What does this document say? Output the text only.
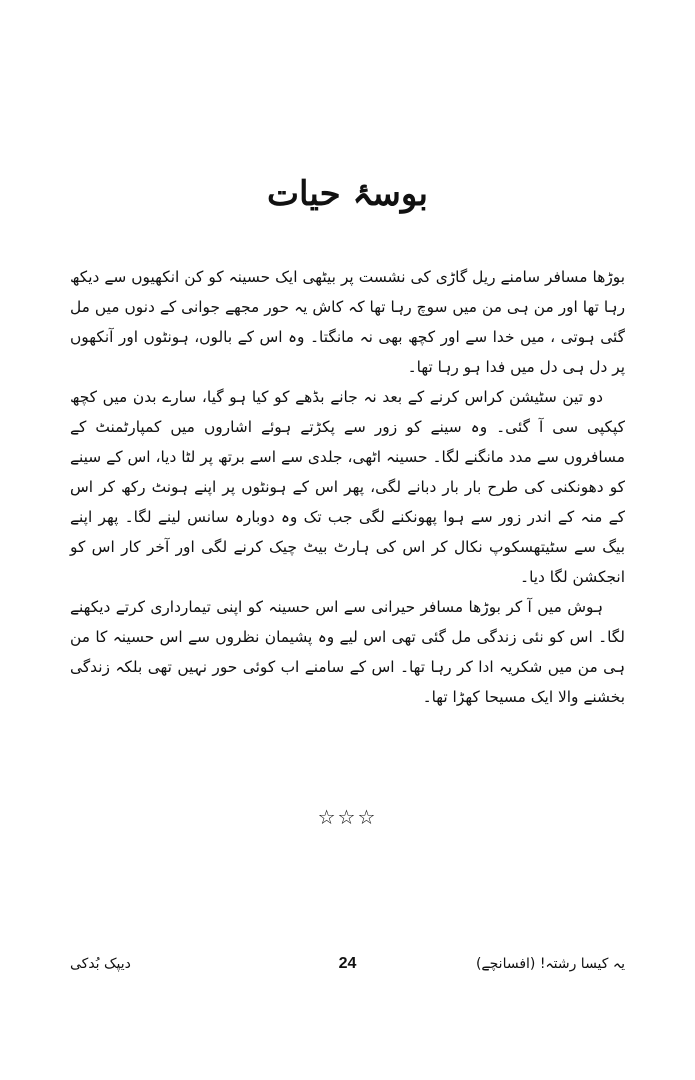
بوسۂ حیات

بوڑھا مسافر سامنے ریل گاڑی کی نشست پر بیٹھی ایک حسینہ کو کن انکھیوں سے دیکھ رہا تھا اور من ہی من میں سوچ رہا تھا کہ کاش یہ حور مجھے جوانی کے دنوں میں مل گئی ہوتی ، میں خدا سے اور کچھ بھی نہ مانگتا۔ وہ اس کے بالوں، ہونٹوں اور آنکھوں پر دل ہی دل میں فدا ہو رہا تھا۔

دو تین سٹیشن کراس کرنے کے بعد نہ جانے بڈھے کو کیا ہو گیا، سارے بدن میں کچھ کپکپی سی آ گئی۔ وہ سینے کو زور سے پکڑتے ہوئے اشاروں میں کمپارٹمنٹ کے مسافروں سے مدد مانگنے لگا۔ حسینہ اٹھی، جلدی سے اسے برتھ پر لٹا دیا، اس کے سینے کو دھونکنی کی طرح بار بار دبانے لگی، پھر اس کے ہونٹوں پر اپنے ہونٹ رکھ کر اس کے منہ کے اندر زور سے ہوا پھونکنے لگی جب تک وہ دوبارہ سانس لینے لگا۔ پھر اپنے بیگ سے سٹیتھسکوپ نکال کر اس کی ہارٹ بیٹ چیک کرنے لگی اور آخر کار اس کو انجکشن لگا دیا۔

ہوش میں آ کر بوڑھا مسافر حیرانی سے اس حسینہ کو اپنی تیمارداری کرتے دیکھنے لگا۔ اس کو نئی زندگی مل گئی تھی اس لیے وہ پشیمان نظروں سے اس حسینہ کا من ہی من میں شکریہ ادا کر رہا تھا۔ اس کے سامنے اب کوئی حور نہیں تھی بلکہ زندگی بخشنے والا ایک مسیحا کھڑا تھا۔

☆☆☆
دیپک بُدکی	24	یہ کیسا رشتہ! (افسانچے)
